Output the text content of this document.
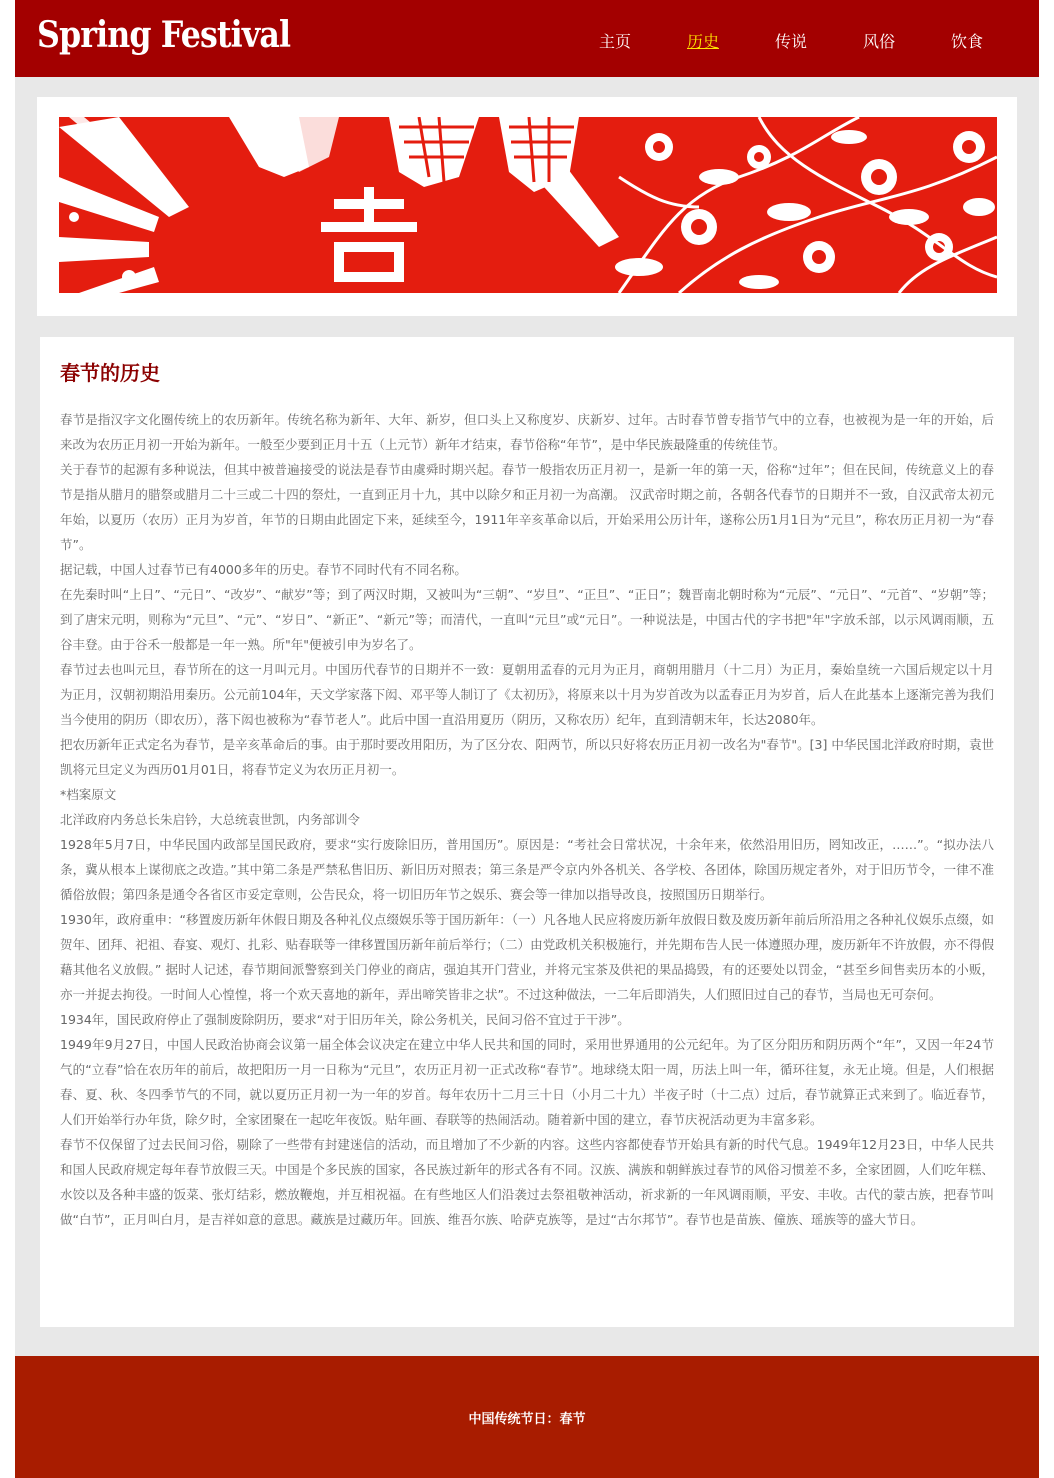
Spring Festival	主页	历史	传说	风俗	饮食
春节的历史

春节是指汉字文化圈传统上的农历新年。传统名称为新年、大年、新岁，但口头上又称度岁、庆新岁、过年。古时春节曾专指节气中的立春，也被视为是一年的开始，后来改为农历正月初一开始为新年。一般至少要到正月十五（上元节）新年才结束，春节俗称“年节”，是中华民族最隆重的传统佳节。

关于春节的起源有多种说法，但其中被普遍接受的说法是春节由虞舜时期兴起。春节一般指农历正月初一，是新一年的第一天，俗称“过年”；但在民间，传统意义上的春节是指从腊月的腊祭或腊月二十三或二十四的祭灶，一直到正月十九，其中以除夕和正月初一为高潮。 汉武帝时期之前，各朝各代春节的日期并不一致，自汉武帝太初元年始，以夏历（农历）正月为岁首，年节的日期由此固定下来，延续至今，1911年辛亥革命以后，开始采用公历计年，遂称公历1月1日为“元旦”，称农历正月初一为“春节”。

据记载，中国人过春节已有4000多年的历史。春节不同时代有不同名称。

在先秦时叫“上日”、“元日”、“改岁”、“献岁”等；到了两汉时期，又被叫为“三朝”、“岁旦”、“正旦”、“正日”；魏晋南北朝时称为“元辰”、“元日”、“元首”、“岁朝”等；到了唐宋元明，则称为“元旦”、“元”、“岁日”、“新正”、“新元”等；而清代，一直叫“元旦”或“元日”。一种说法是，中国古代的字书把"年"字放禾部，以示风调雨顺，五谷丰登。由于谷禾一般都是一年一熟。所"年"便被引申为岁名了。

春节过去也叫元旦，春节所在的这一月叫元月。中国历代春节的日期并不一致：夏朝用孟春的元月为正月，商朝用腊月（十二月）为正月，秦始皇统一六国后规定以十月为正月，汉朝初期沿用秦历。公元前104年，天文学家落下闳、邓平等人制订了《太初历》，将原来以十月为岁首改为以孟春正月为岁首，后人在此基本上逐渐完善为我们当今使用的阴历（即农历），落下闳也被称为“春节老人”。此后中国一直沿用夏历（阴历，又称农历）纪年，直到清朝末年，长达2080年。

把农历新年正式定名为春节，是辛亥革命后的事。由于那时要改用阳历，为了区分农、阳两节，所以只好将农历正月初一改名为"春节"。[3] 中华民国北洋政府时期，袁世凯将元旦定义为西历01月01日，将春节定义为农历正月初一。

*档案原文

北洋政府内务总长朱启钤，大总统袁世凯，内务部训令

1928年5月7日，中华民国内政部呈国民政府，要求“实行废除旧历，普用国历”。原因是：“考社会日常状况，十余年来，依然沿用旧历，罔知改正，……”。“拟办法八条，冀从根本上谋彻底之改造。”其中第二条是严禁私售旧历、新旧历对照表；第三条是严令京内外各机关、各学校、各团体，除国历规定者外，对于旧历节令，一律不准循俗放假；第四条是通令各省区市妥定章则，公告民众，将一切旧历年节之娱乐、赛会等一律加以指导改良，按照国历日期举行。

1930年，政府重申：“移置废历新年休假日期及各种礼仪点缀娱乐等于国历新年：（一）凡各地人民应将废历新年放假日数及废历新年前后所沿用之各种礼仪娱乐点缀，如贺年、团拜、祀祖、春宴、观灯、扎彩、贴春联等一律移置国历新年前后举行；（二）由党政机关积极施行，并先期布告人民一体遵照办理，废历新年不许放假，亦不得假藉其他名义放假。” 据时人记述，春节期间派警察到关门停业的商店，强迫其开门营业，并将元宝茶及供祀的果品捣毁，有的还要处以罚金，“甚至乡间售卖历本的小贩，亦一并捉去拘役。一时间人心惶惶，将一个欢天喜地的新年，弄出啼笑皆非之状”。不过这种做法，一二年后即消失，人们照旧过自己的春节，当局也无可奈何。

1934年，国民政府停止了强制废除阴历，要求“对于旧历年关，除公务机关，民间习俗不宜过于干涉”。

1949年9月27日，中国人民政治协商会议第一届全体会议决定在建立中华人民共和国的同时，采用世界通用的公元纪年。为了区分阳历和阴历两个“年”，又因一年24节气的“立春”恰在农历年的前后，故把阳历一月一日称为“元旦”，农历正月初一正式改称“春节”。地球绕太阳一周，历法上叫一年，循环往复，永无止境。但是，人们根据春、夏、秋、冬四季节气的不同，就以夏历正月初一为一年的岁首。每年农历十二月三十日（小月二十九）半夜子时（十二点）过后，春节就算正式来到了。临近春节，人们开始举行办年货，除夕时，全家团聚在一起吃年夜饭。贴年画、春联等的热闹活动。随着新中国的建立，春节庆祝活动更为丰富多彩。

春节不仅保留了过去民间习俗，剔除了一些带有封建迷信的活动，而且增加了不少新的内容。这些内容都使春节开始具有新的时代气息。1949年12月23日，中华人民共和国人民政府规定每年春节放假三天。中国是个多民族的国家，各民族过新年的形式各有不同。汉族、满族和朝鲜族过春节的风俗习惯差不多，全家团圆，人们吃年糕、水饺以及各种丰盛的饭菜、张灯结彩，燃放鞭炮，并互相祝福。在有些地区人们沿袭过去祭祖敬神活动，祈求新的一年风调雨顺，平安、丰收。古代的蒙古族，把春节叫做“白节”，正月叫白月，是吉祥如意的意思。藏族是过藏历年。回族、维吾尔族、哈萨克族等，是过“古尔邦节”。春节也是苗族、僮族、瑶族等的盛大节日。

中国传统节日：春节
